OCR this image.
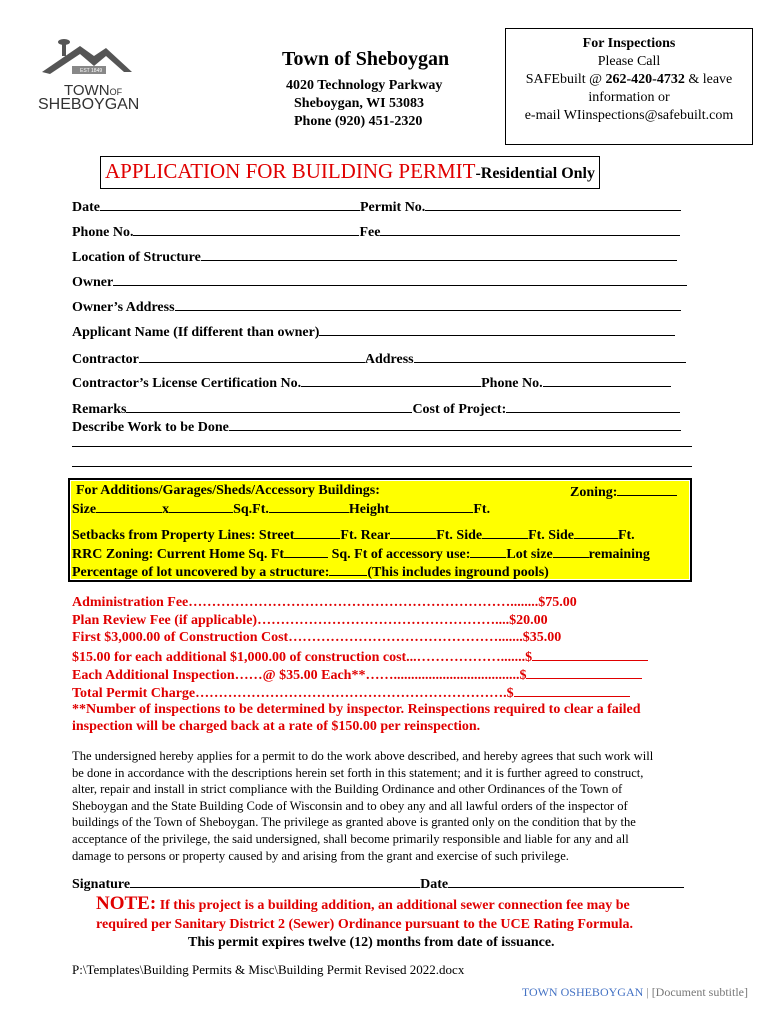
EST 1849
TOWNOF
SHEBOYGAN
Town of Sheboygan
4020 Technology Parkway
Sheboygan, WI 53083
Phone (920) 451-2320
For Inspections
Please Call
SAFEbuilt @ 262-420-4732 & leave
information or
e-mail WIinspections@safebuilt.com
APPLICATION FOR BUILDING PERMIT-Residential Only
Date	Permit No.
Phone No.	Fee
Location of Structure
Owner
Owner’s Address
Applicant Name (If different than owner)
Contractor	Address
Contractor’s License Certification No.	Phone No.
Remarks	Cost of Project:
Describe Work to be Done
For Additions/Garages/Sheds/Accessory Buildings:	Zoning:
Size	x	Sq.Ft.	Height	Ft.
Setbacks from Property Lines: Street	Ft. Rear	Ft. Side	Ft. Side	Ft.
RRC Zoning: Current Home Sq. Ft	Sq. Ft of accessory use:	Lot size	remaining
Percentage of lot uncovered by a structure:	(This includes inground pools)
Administration Fee……………………………………………………………........$75.00
Plan Review Fee (if applicable)……………………………………………....$20.00
First $3,000.00 of Construction Cost……………………………………….......$35.00
$15.00 for each additional $1,000.00 of construction cost...……………….......$
Each Additional Inspection……@ $35.00 Each**……....................................$
Total Permit Charge………………………………………………………….$
**Number of inspections to be determined by inspector. Reinspections required to clear a failed
inspection will be charged back at a rate of $150.00 per reinspection.
The undersigned hereby applies for a permit to do the work above described, and hereby agrees that such work will
be done in accordance with the descriptions herein set forth in this statement; and it is further agreed to construct,
alter, repair and install in strict compliance with the Building Ordinance and other Ordinances of the Town of
Sheboygan and the State Building Code of Wisconsin and to obey any and all lawful orders of the inspector of
buildings of the Town of Sheboygan. The privilege as granted above is granted only on the condition that by the
acceptance of the privilege, the said undersigned, shall become primarily responsible and liable for any and all
damage to persons or property caused by and arising from the grant and exercise of such privilege.
Signature	Date
NOTE: If this project is a building addition, an additional sewer connection fee may be
required per Sanitary District 2 (Sewer) Ordinance pursuant to the UCE Rating Formula.
This permit expires twelve (12) months from date of issuance.
P:\Templates\Building Permits & Misc\Building Permit Revised 2022.docx
TOWN OSHEBOYGAN | [Document subtitle]
